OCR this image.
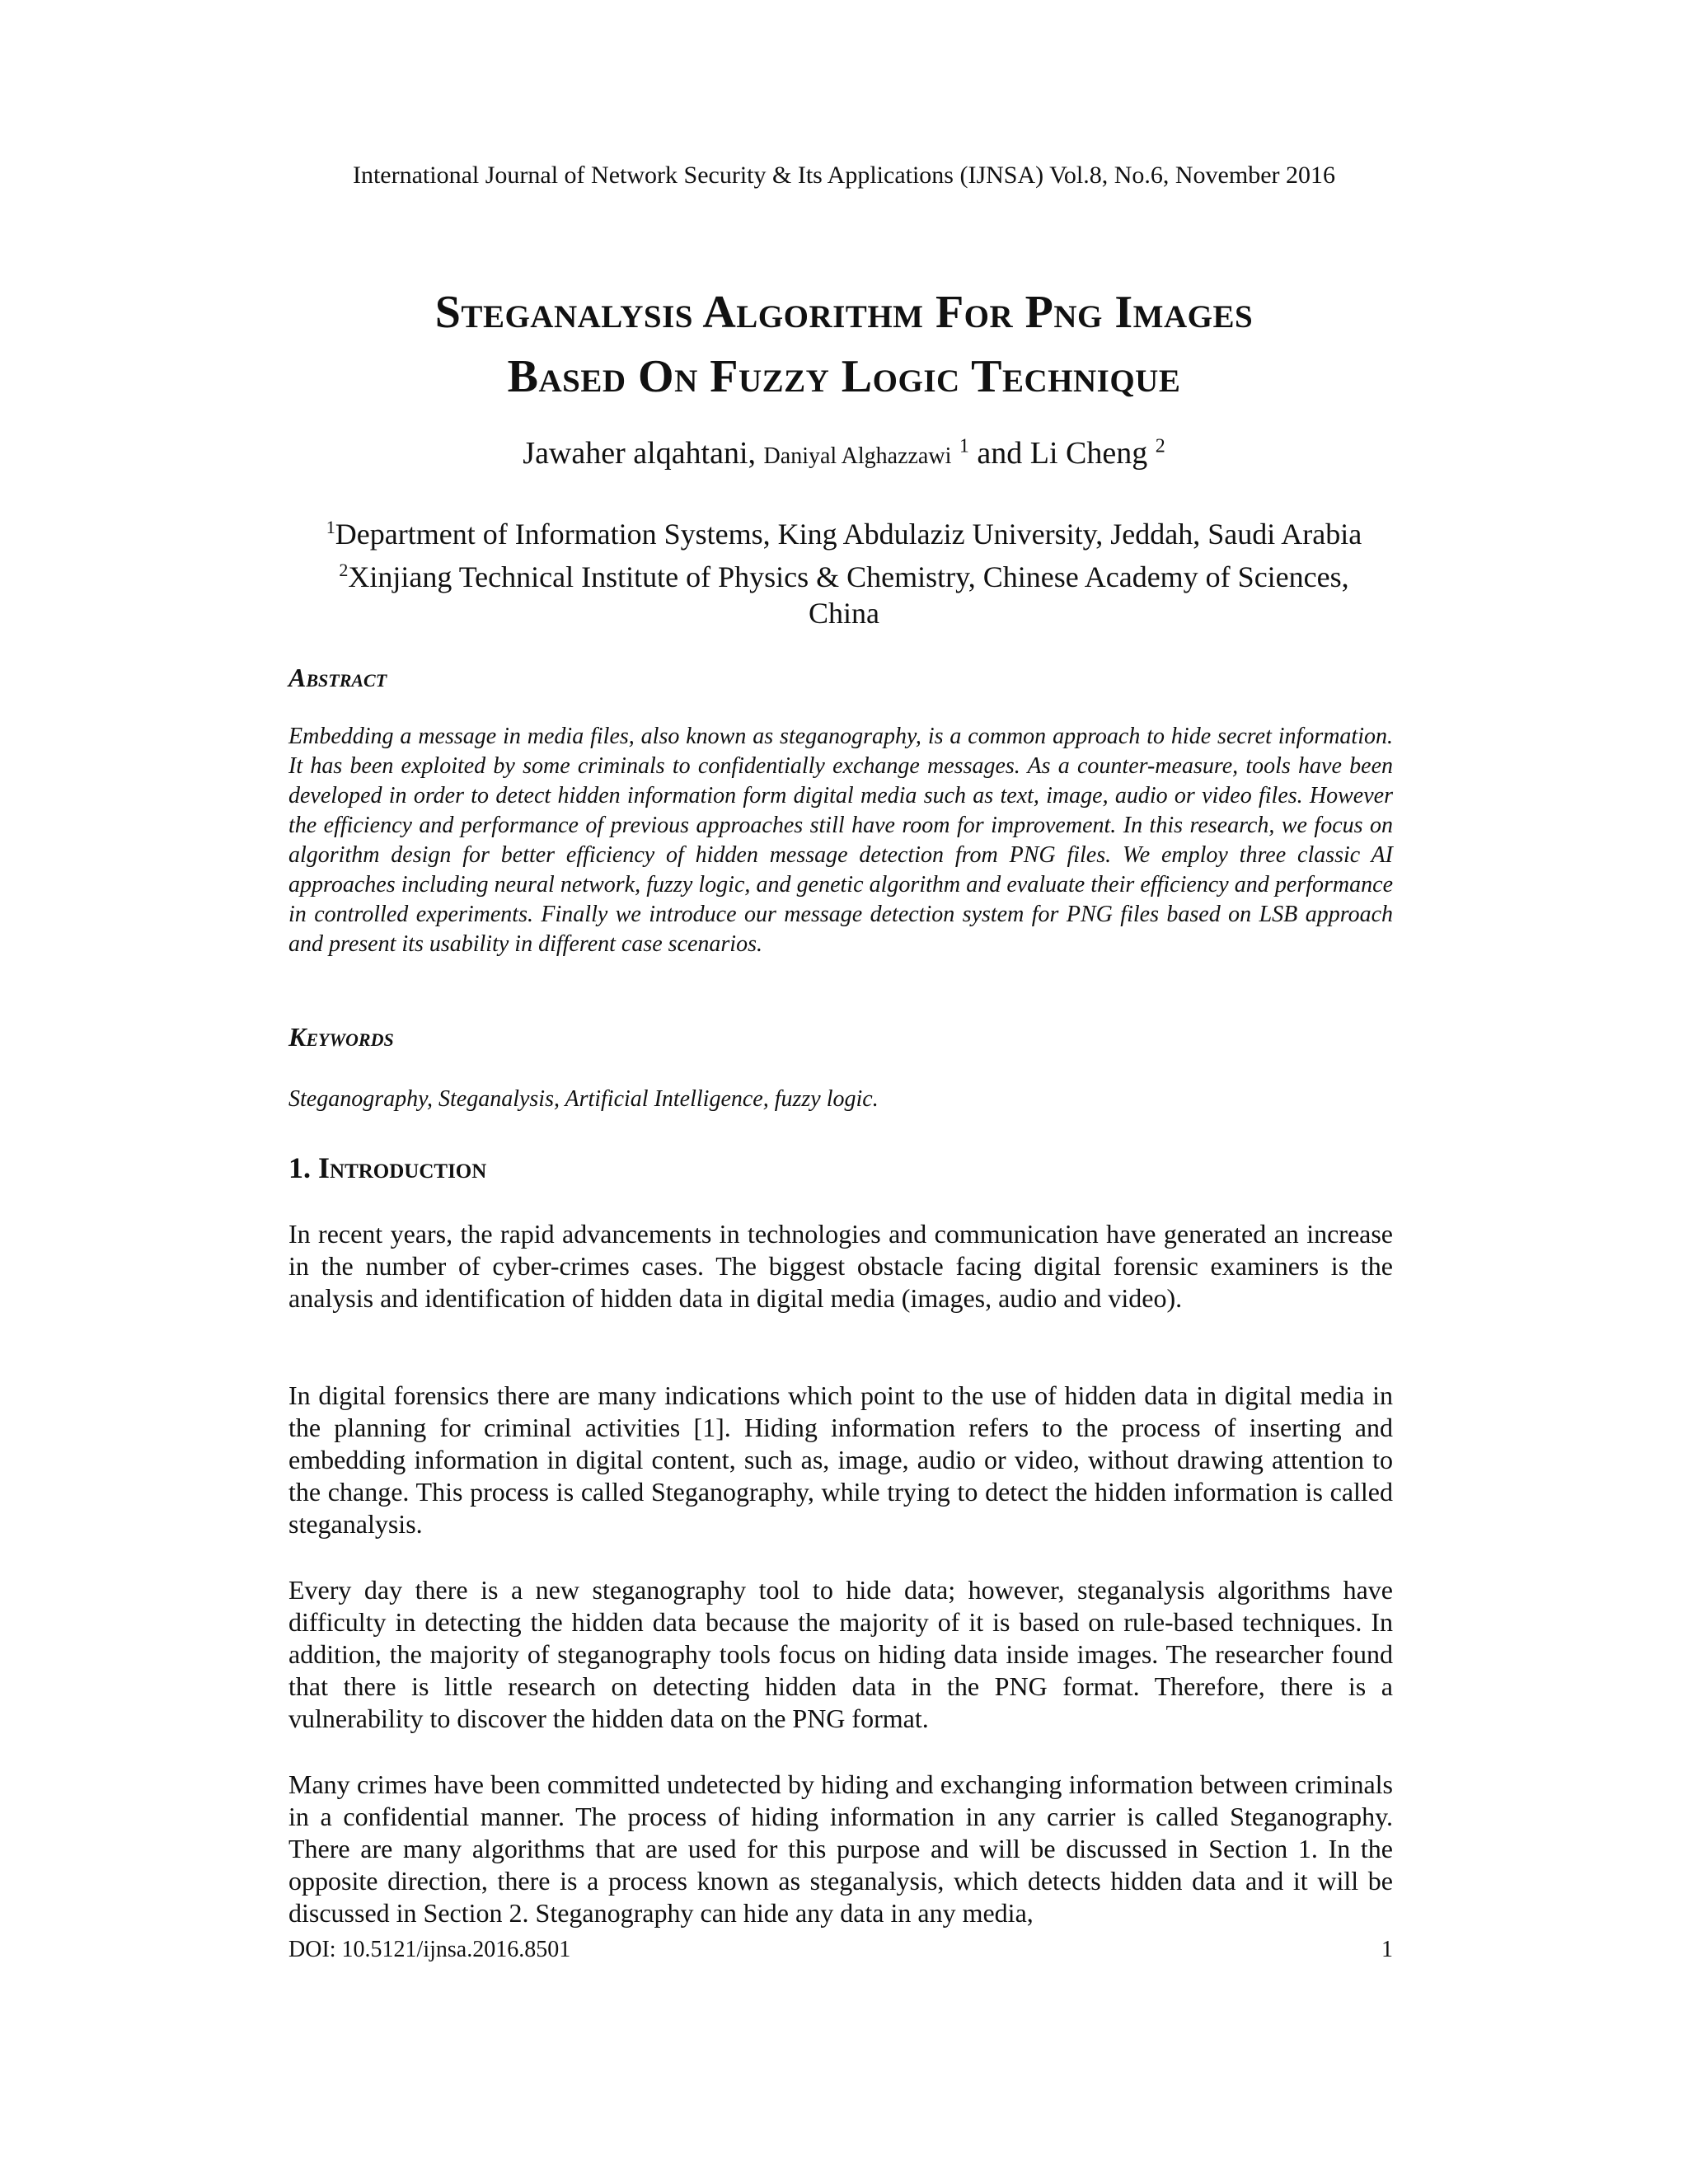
International Journal of Network Security & Its Applications (IJNSA) Vol.8, No.6, November 2016
Steganalysis Algorithm For Png Images
Based On Fuzzy Logic Technique
Jawaher alqahtani, Daniyal Alghazzawi $^1$ and Li Cheng $^2$
$^1$Department of Information Systems, King Abdulaziz University, Jeddah, Saudi Arabia
$^2$Xinjiang Technical Institute of Physics & Chemistry, Chinese Academy of Sciences,
China
Abstract

Embedding a message in media files, also known as steganography, is a common approach to hide secret information. It has been exploited by some criminals to confidentially exchange messages. As a counter-measure, tools have been developed in order to detect hidden information form digital media such as text, image, audio or video files. However the efficiency and performance of previous approaches still have room for improvement. In this research, we focus on algorithm design for better efficiency of hidden message detection from PNG files. We employ three classic AI approaches including neural network, fuzzy logic, and genetic algorithm and evaluate their efficiency and performance in controlled experiments. Finally we introduce our message detection system for PNG files based on LSB approach and present its usability in different case scenarios.

Keywords

Steganography, Steganalysis, Artificial Intelligence, fuzzy logic.

1. Introduction

In recent years, the rapid advancements in technologies and communication have generated an increase in the number of cyber-crimes cases. The biggest obstacle facing digital forensic examiners is the analysis and identification of hidden data in digital media (images, audio and video).

In digital forensics there are many indications which point to the use of hidden data in digital media in the planning for criminal activities [1]. Hiding information refers to the process of inserting and embedding information in digital content, such as, image, audio or video, without drawing attention to the change. This process is called Steganography, while trying to detect the hidden information is called steganalysis.

Every day there is a new steganography tool to hide data; however, steganalysis algorithms have difficulty in detecting the hidden data because the majority of it is based on rule-based techniques. In addition, the majority of steganography tools focus on hiding data inside images. The researcher found that there is little research on detecting hidden data in the PNG format. Therefore, there is a vulnerability to discover the hidden data on the PNG format.

Many crimes have been committed undetected by hiding and exchanging information between criminals in a confidential manner. The process of hiding information in any carrier is called Steganography. There are many algorithms that are used for this purpose and will be discussed in Section 1. In the opposite direction, there is a process known as steganalysis, which detects hidden data and it will be discussed in Section 2. Steganography can hide any data in any media,

DOI: 10.5121/ijnsa.2016.8501	1
